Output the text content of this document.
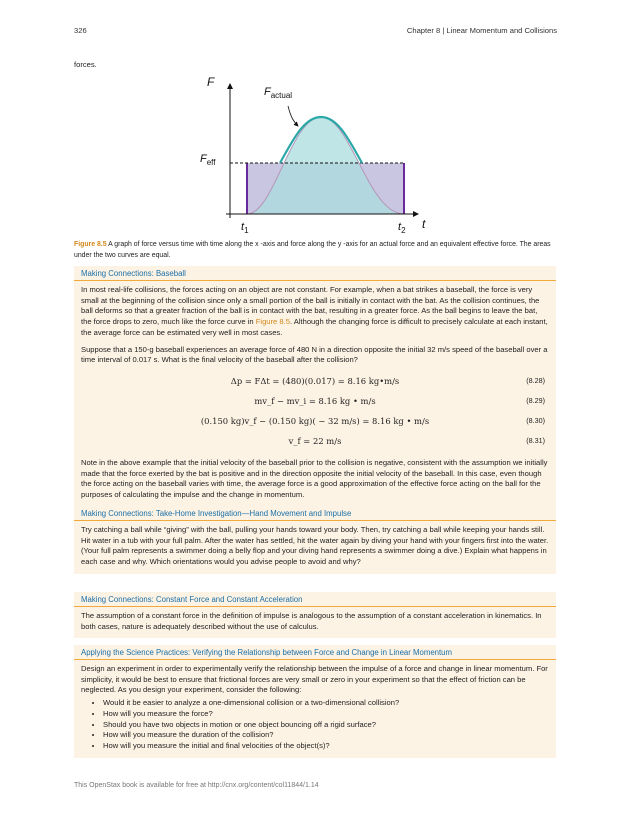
326	Chapter 8 | Linear Momentum and Collisions
forces.
F
t
$F_{actual}$
$F_{eff}$
$t_1$	$t_2$
Figure 8.5 A graph of force versus time with time along the x -axis and force along the y -axis for an actual force and an equivalent effective force. The areas under the two curves are equal.
Making Connections: Baseball

In most real-life collisions, the forces acting on an object are not constant. For example, when a bat strikes a baseball, the force is very small at the beginning of the collision since only a small portion of the ball is initially in contact with the bat. As the collision continues, the ball deforms so that a greater fraction of the ball is in contact with the bat, resulting in a greater force. As the ball begins to leave the bat, the force drops to zero, much like the force curve in Figure 8.5. Although the changing force is difficult to precisely calculate at each instant, the average force can be estimated very well in most cases.

Suppose that a 150-g baseball experiences an average force of 480 N in a direction opposite the initial 32 m/s speed of the baseball over a time interval of 0.017 s. What is the final velocity of the baseball after the collision?

Δp = FΔt = (480)(0.017) = 8.16 kg•m/s	(8.28)
mv_f − mv_i = 8.16 kg • m/s	(8.29)
(0.150 kg)v_f − (0.150 kg)( − 32 m/s) = 8.16 kg • m/s	(8.30)
v_f = 22 m/s	(8.31)

Note in the above example that the initial velocity of the baseball prior to the collision is negative, consistent with the assumption we initially made that the force exerted by the bat is positive and in the direction opposite the initial velocity of the baseball. In this case, even though the force acting on the baseball varies with time, the average force is a good approximation of the effective force acting on the ball for the purposes of calculating the impulse and the change in momentum.

Making Connections: Take-Home Investigation—Hand Movement and Impulse

Try catching a ball while “giving” with the ball, pulling your hands toward your body. Then, try catching a ball while keeping your hands still. Hit water in a tub with your full palm. After the water has settled, hit the water again by diving your hand with your fingers first into the water. (Your full palm represents a swimmer doing a belly flop and your diving hand represents a swimmer doing a dive.) Explain what happens in each case and why. Which orientations would you advise people to avoid and why?

Making Connections: Constant Force and Constant Acceleration

The assumption of a constant force in the definition of impulse is analogous to the assumption of a constant acceleration in kinematics. In both cases, nature is adequately described without the use of calculus.

Applying the Science Practices: Verifying the Relationship between Force and Change in Linear Momentum

Design an experiment in order to experimentally verify the relationship between the impulse of a force and change in linear momentum. For simplicity, it would be best to ensure that frictional forces are very small or zero in your experiment so that the effect of friction can be neglected. As you design your experiment, consider the following:

• Would it be easier to analyze a one-dimensional collision or a two-dimensional collision?
• How will you measure the force?
• Should you have two objects in motion or one object bouncing off a rigid surface?
• How will you measure the duration of the collision?
• How will you measure the initial and final velocities of the object(s)?
This OpenStax book is available for free at http://cnx.org/content/col11844/1.14
